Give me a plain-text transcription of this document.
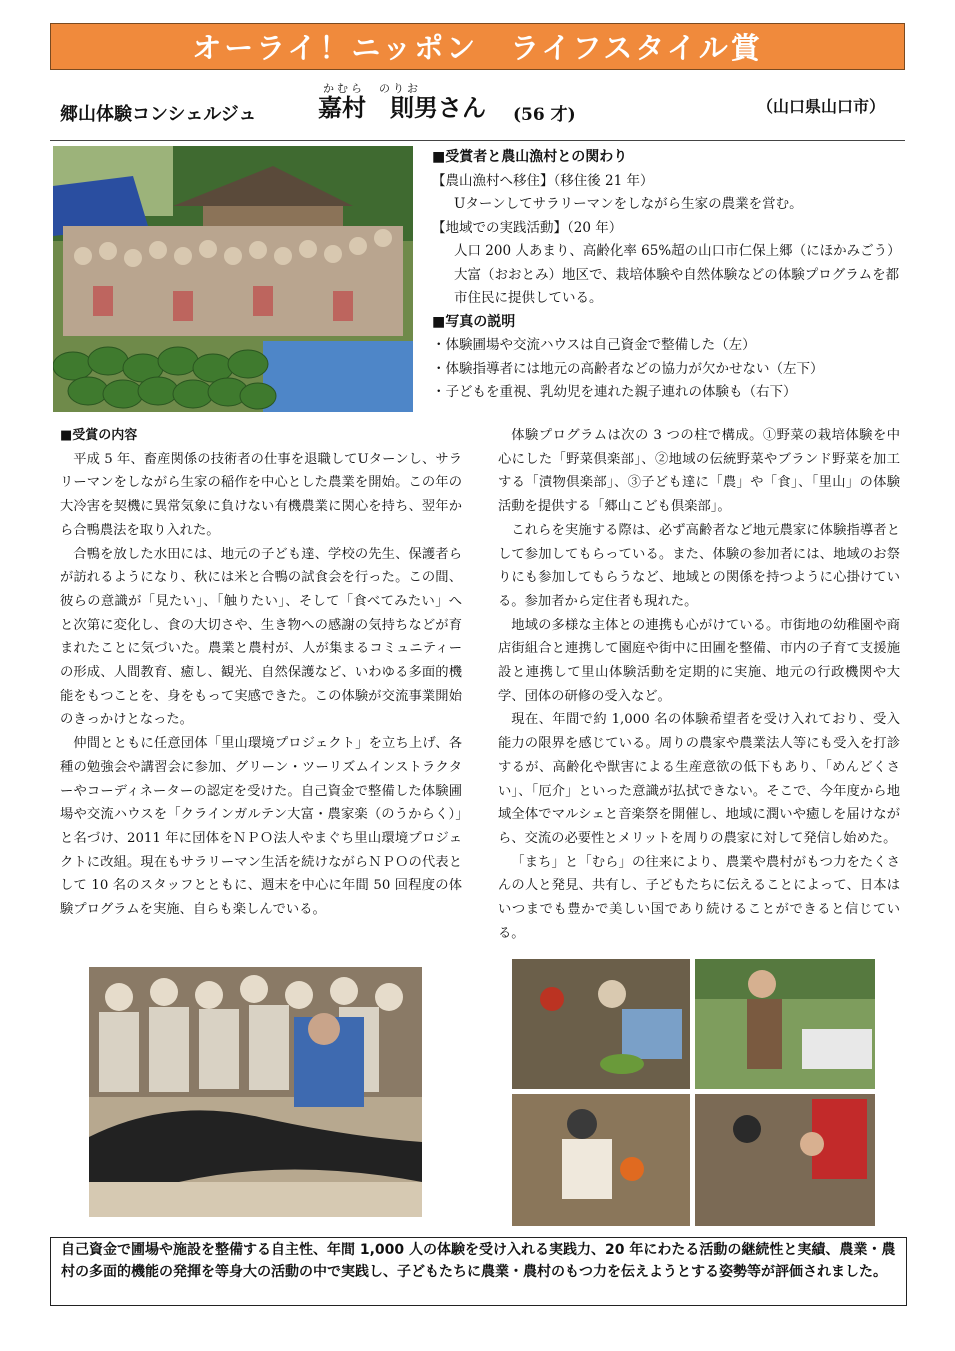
オーライ！ニッポン　ライフスタイル賞
かむら　のりお
郷山体験コンシェルジュ	嘉村　則男さん (56 才)	（山口県山口市）
■受賞者と農山漁村との関わり
【農山漁村へ移住】（移住後 21 年）
Uターンしてサラリーマンをしながら生家の農業を営む。
【地域での実践活動】（20 年）
人口 200 人あまり、高齢化率 65%超の山口市仁保上郷（にほかみごう）大富（おおとみ）地区で、栽培体験や自然体験などの体験プログラムを都市住民に提供している。
■写真の説明
・体験圃場や交流ハウスは自己資金で整備した（左）
・体験指導者には地元の高齢者などの協力が欠かせない（左下）
・子どもを重視、乳幼児を連れた親子連れの体験も（右下）

■受賞の内容

平成 5 年、畜産関係の技術者の仕事を退職してUターンし、サラリーマンをしながら生家の稲作を中心とした農業を開始。この年の大冷害を契機に異常気象に負けない有機農業に関心を持ち、翌年から合鴨農法を取り入れた。

合鴨を放した水田には、地元の子ども達、学校の先生、保護者らが訪れるようになり、秋には米と合鴨の試食会を行った。この間、彼らの意識が「見たい」、「触りたい」、そして「食べてみたい」へと次第に変化し、食の大切さや、生き物への感謝の気持ちなどが育まれたことに気づいた。農業と農村が、人が集まるコミュニティーの形成、人間教育、癒し、観光、自然保護など、いわゆる多面的機能をもつことを、身をもって実感できた。この体験が交流事業開始のきっかけとなった。

仲間とともに任意団体「里山環境プロジェクト」を立ち上げ、各種の勉強会や講習会に参加、グリーン・ツーリズムインストラクターやコーディネーターの認定を受けた。自己資金で整備した体験圃場や交流ハウスを「クラインガルテン大富・農家楽（のうからく）」と名づけ、2011 年に団体をＮＰＯ法人やまぐち里山環境プロジェクトに改組。現在もサラリーマン生活を続けながらＮＰＯの代表として 10 名のスタッフとともに、週末を中心に年間 50 回程度の体験プログラムを実施、自らも楽しんでいる。

体験プログラムは次の 3 つの柱で構成。①野菜の栽培体験を中心にした「野菜倶楽部」、②地域の伝統野菜やブランド野菜を加工する「漬物倶楽部」、③子ども達に「農」や「食」、「里山」の体験活動を提供する「郷山こども倶楽部」。

これらを実施する際は、必ず高齢者など地元農家に体験指導者として参加してもらっている。また、体験の参加者には、地域のお祭りにも参加してもらうなど、地域との関係を持つように心掛けている。参加者から定住者も現れた。

地域の多様な主体との連携も心がけている。市街地の幼稚園や商店街組合と連携して園庭や街中に田圃を整備、市内の子育て支援施設と連携して里山体験活動を定期的に実施、地元の行政機関や大学、団体の研修の受入など。

現在、年間で約 1,000 名の体験希望者を受け入れており、受入能力の限界を感じている。周りの農家や農業法人等にも受入を打診するが、高齢化や獣害による生産意欲の低下もあり、「めんどくさい」、「厄介」といった意識が払拭できない。そこで、今年度から地域全体でマルシェと音楽祭を開催し、地域に潤いや癒しを届けながら、交流の必要性とメリットを周りの農家に対して発信し始めた。

「まち」と「むら」の往来により、農業や農村がもつ力をたくさんの人と発見、共有し、子どもたちに伝えることによって、日本はいつまでも豊かで美しい国であり続けることができると信じている。

自己資金で圃場や施設を整備する自主性、年間 1,000 人の体験を受け入れる実践力、20 年にわたる活動の継続性と実績、農業・農村の多面的機能の発揮を等身大の活動の中で実践し、子どもたちに農業・農村のもつ力を伝えようとする姿勢等が評価されました。
